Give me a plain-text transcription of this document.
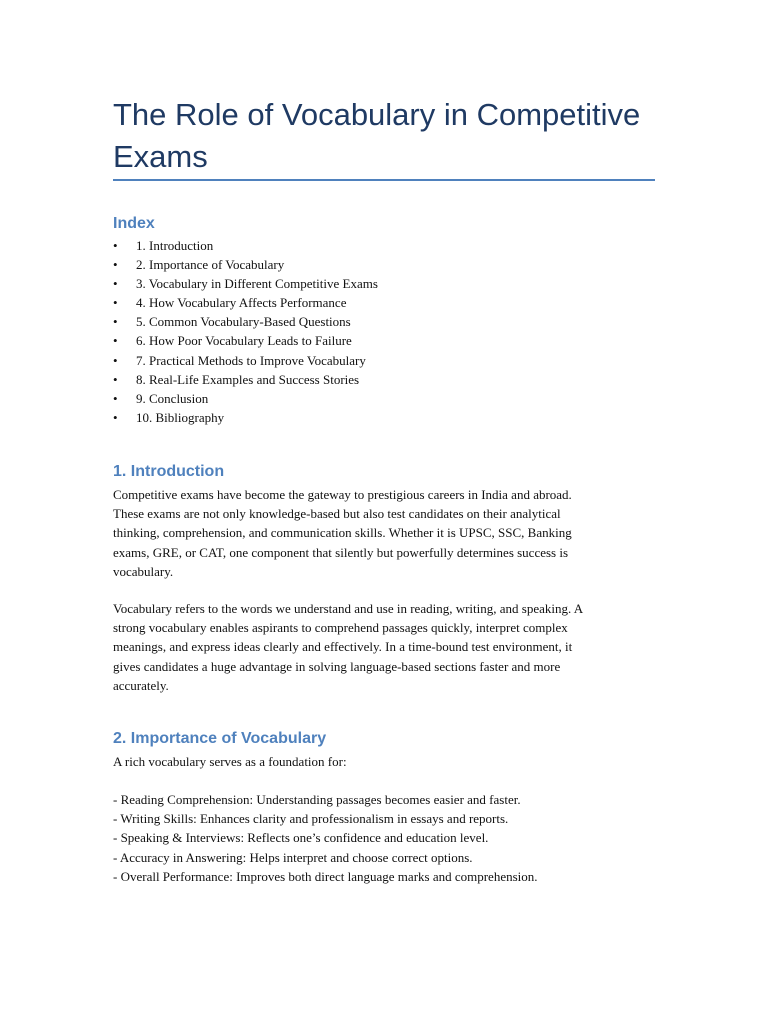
The Role of Vocabulary in Competitive Exams
Index
• 1. Introduction
• 2. Importance of Vocabulary
• 3. Vocabulary in Different Competitive Exams
• 4. How Vocabulary Affects Performance
• 5. Common Vocabulary-Based Questions
• 6. How Poor Vocabulary Leads to Failure
• 7. Practical Methods to Improve Vocabulary
• 8. Real-Life Examples and Success Stories
• 9. Conclusion
• 10. Bibliography
1. Introduction

Competitive exams have become the gateway to prestigious careers in India and abroad.
These exams are not only knowledge-based but also test candidates on their analytical
thinking, comprehension, and communication skills. Whether it is UPSC, SSC, Banking
exams, GRE, or CAT, one component that silently but powerfully determines success is
vocabulary.

Vocabulary refers to the words we understand and use in reading, writing, and speaking. A
strong vocabulary enables aspirants to comprehend passages quickly, interpret complex
meanings, and express ideas clearly and effectively. In a time-bound test environment, it
gives candidates a huge advantage in solving language-based sections faster and more
accurately.

2. Importance of Vocabulary

A rich vocabulary serves as a foundation for:

- Reading Comprehension: Understanding passages becomes easier and faster.
- Writing Skills: Enhances clarity and professionalism in essays and reports.
- Speaking & Interviews: Reflects one’s confidence and education level.
- Accuracy in Answering: Helps interpret and choose correct options.
- Overall Performance: Improves both direct language marks and comprehension.
